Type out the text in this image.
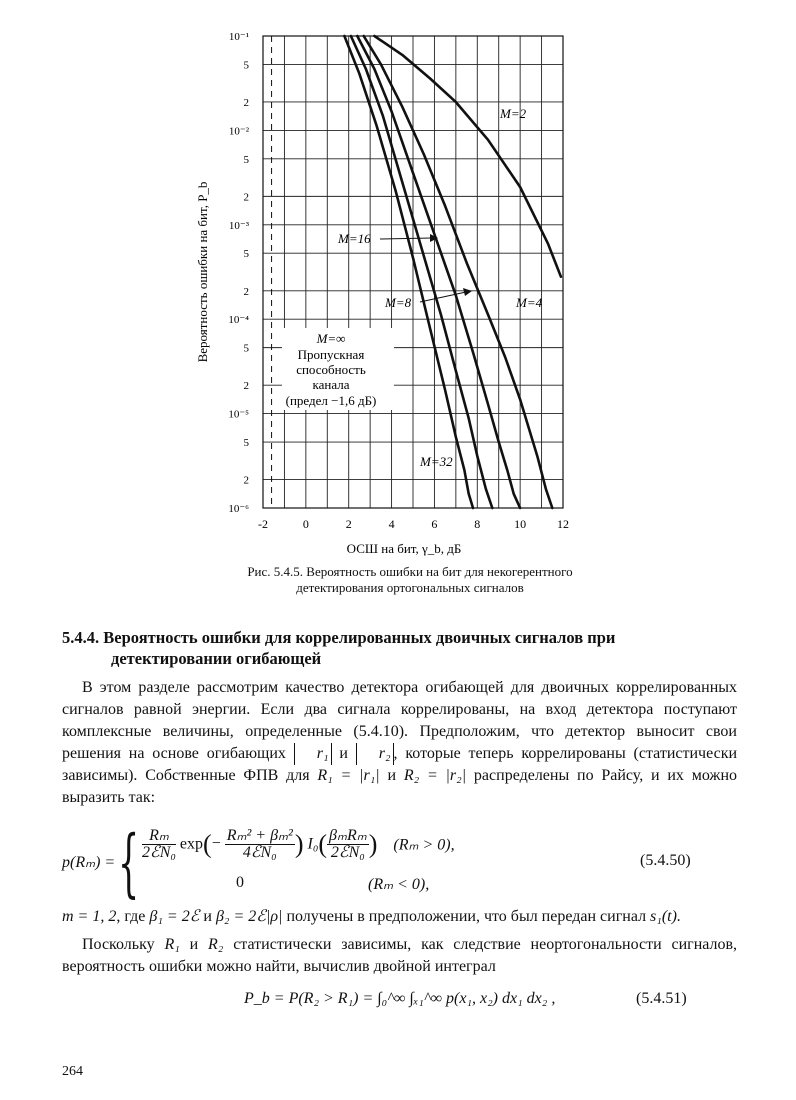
10⁻¹
5
2
10⁻²
5
2
10⁻³
5
2
10⁻⁴
5
2
10⁻⁵
5
2
10⁻⁶
-2	0	2	4	6	8	10	12
Вероятность ошибки на бит, P_b
ОСШ на бит, γ_b, дБ
M=2
M=4
M=8
M=16
M=32
M=∞
Пропускная
способность
канала
(предел −1,6 дБ)
Рис. 5.4.5. Вероятность ошибки на бит для некогерентного
детектирования ортогональных сигналов
5.4.4. Вероятность ошибки для коррелированных двоичных сигналов при
детектировании огибающей
В этом разделе рассмотрим качество детектора огибающей для двоичных коррелированных сигналов равной энергии. Если два сигнала коррелированы, на вход детектора поступают комплексные величины, определенные (5.4.10). Предположим, что детектор выносит свои решения на основе огибающих r₁ и r₂ , которые теперь коррелированы (статистически зависимы). Собственные ФПВ для R₁ = |r₁| и R₂ = |r₂| распределены по Райсу, и их можно выразить так:
p(Rₘ) = { $\frac{\text{Rₘ}}{\text{2ℰN₀}} \exp(- \frac{\text{Rₘ² + βₘ²}}{\text{4ℰN₀}}$ ) $I_0( \frac{\text{βₘRₘ}}{\text{2ℰN₀}}$ ) (Rₘ > 0),
0	(Rₘ < 0),
(5.4.50)
m = 1, 2, где β₁ = 2ℰ и β₂ = 2ℰ|ρ| получены в предположении, что был передан сигнал s₁(t).
Поскольку R₁ и R₂ статистически зависимы, как следствие неортогональности сигналов, вероятность ошибки можно найти, вычислив двойной интеграл
P_b = P(R₂ > R₁) = ∫₀^∞ ∫ₓ₁^∞ p(x₁, x₂) dx₁ dx₂ ,	(5.4.51)
264
